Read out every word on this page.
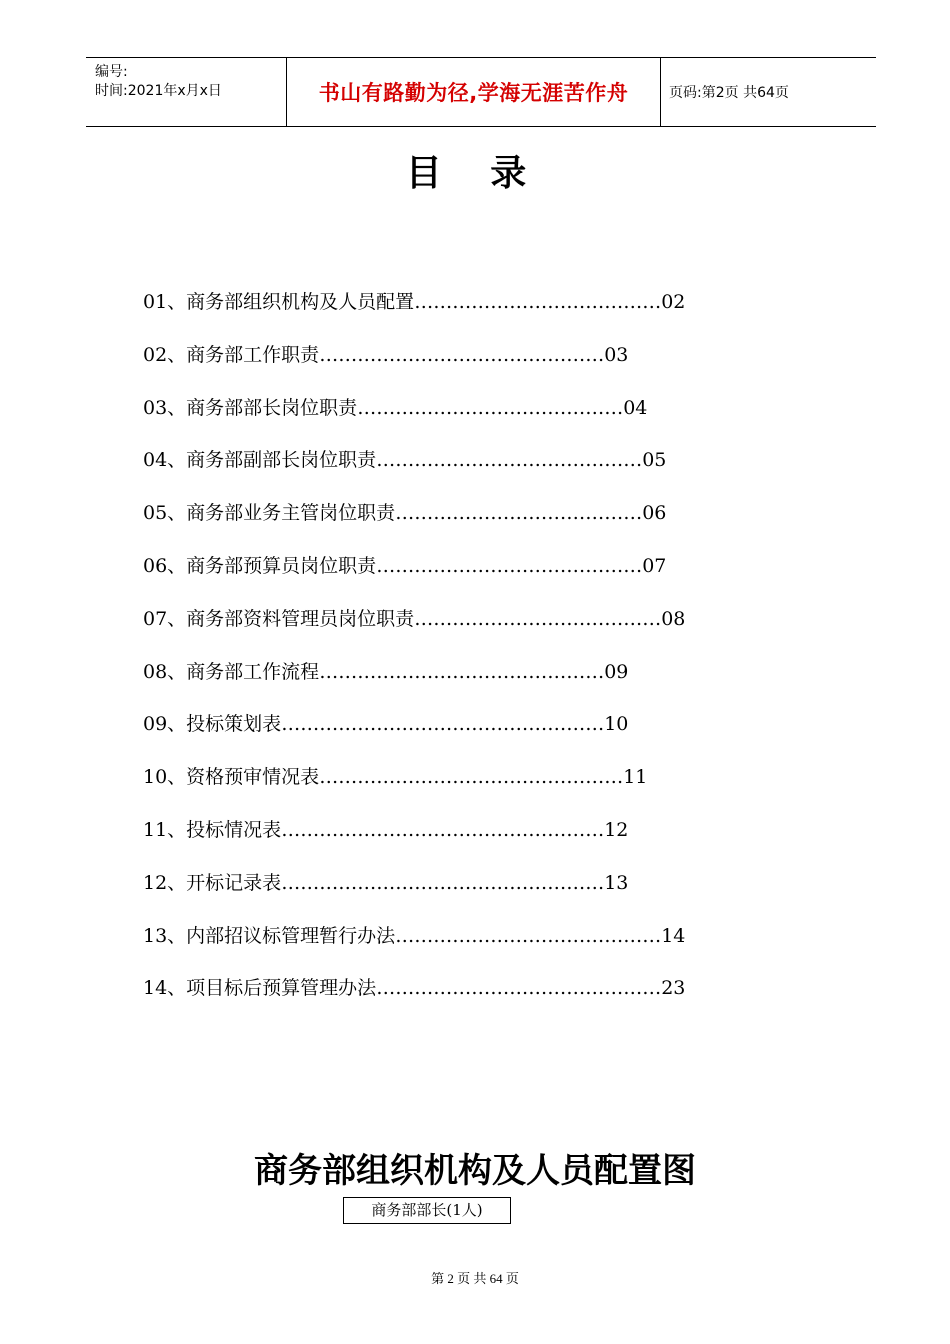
编号:
时间:2021年x月x日	书山有路勤为径,学海无涯苦作舟	页码:第2页 共64页
目 录
01、商务部组织机构及人员配置…………………………………02
02、商务部工作职责………………………………………03
03、商务部部长岗位职责……………………………………04
04、商务部副部长岗位职责……………………………………05
05、商务部业务主管岗位职责…………………………………06
06、商务部预算员岗位职责……………………………………07
07、商务部资料管理员岗位职责…………………………………08
08、商务部工作流程………………………………………09
09、投标策划表……………………………………………10
10、资格预审情况表…………………………………………11
11、投标情况表……………………………………………12
12、开标记录表……………………………………………13
13、内部招议标管理暂行办法……………………………………14
14、项目标后预算管理办法………………………………………23
商务部组织机构及人员配置图
商务部部长(1人)
第 2 页 共 64 页
